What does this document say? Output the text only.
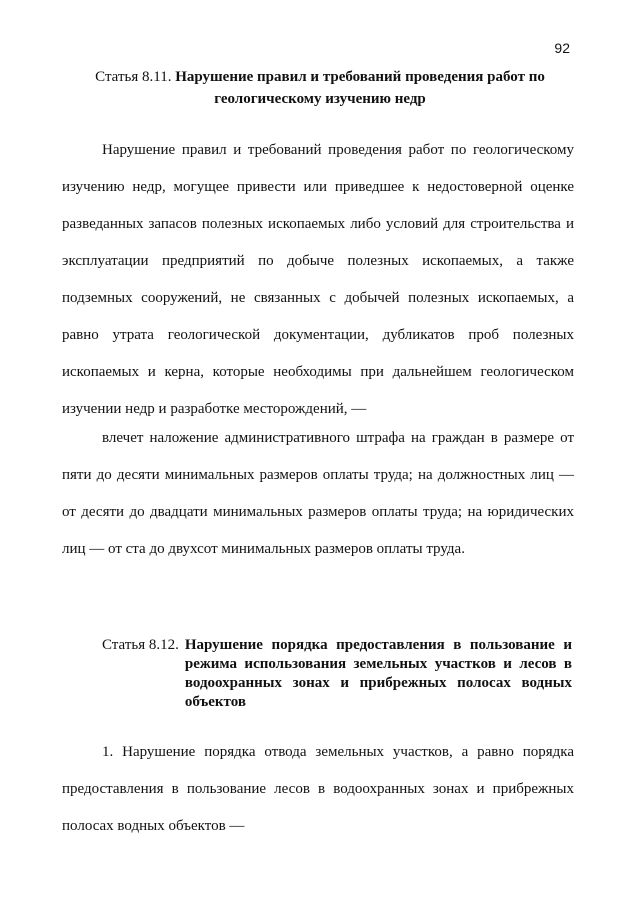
92
Статья 8.11. Нарушение правил и требований проведения работ по геологическому изучению недр

Нарушение правил и требований проведения работ по геологическому изучению недр, могущее привести или приведшее к недостоверной оценке разведанных запасов полезных ископаемых либо условий для строительства и эксплуатации предприятий по добыче полезных ископаемых, а также подземных сооружений, не связанных с добычей полезных ископаемых, а равно утрата геологической документации, дубликатов проб полезных ископаемых и керна, которые необходимы при дальнейшем геологическом изучении недр и разработке месторождений, —

влечет наложение административного штрафа на граждан в размере от пяти до десяти минимальных размеров оплаты труда; на должностных лиц — от десяти до двадцати минимальных размеров оплаты труда; на юридических лиц — от ста до двухсот минимальных размеров оплаты труда.

Статья 8.12. Нарушение порядка предоставления в пользование и режима использования земельных участков и лесов в водоохранных зонах и прибрежных полосах водных объектов

1. Нарушение порядка отвода земельных участков, а равно порядка предоставления в пользование лесов в водоохранных зонах и прибрежных полосах водных объектов —
